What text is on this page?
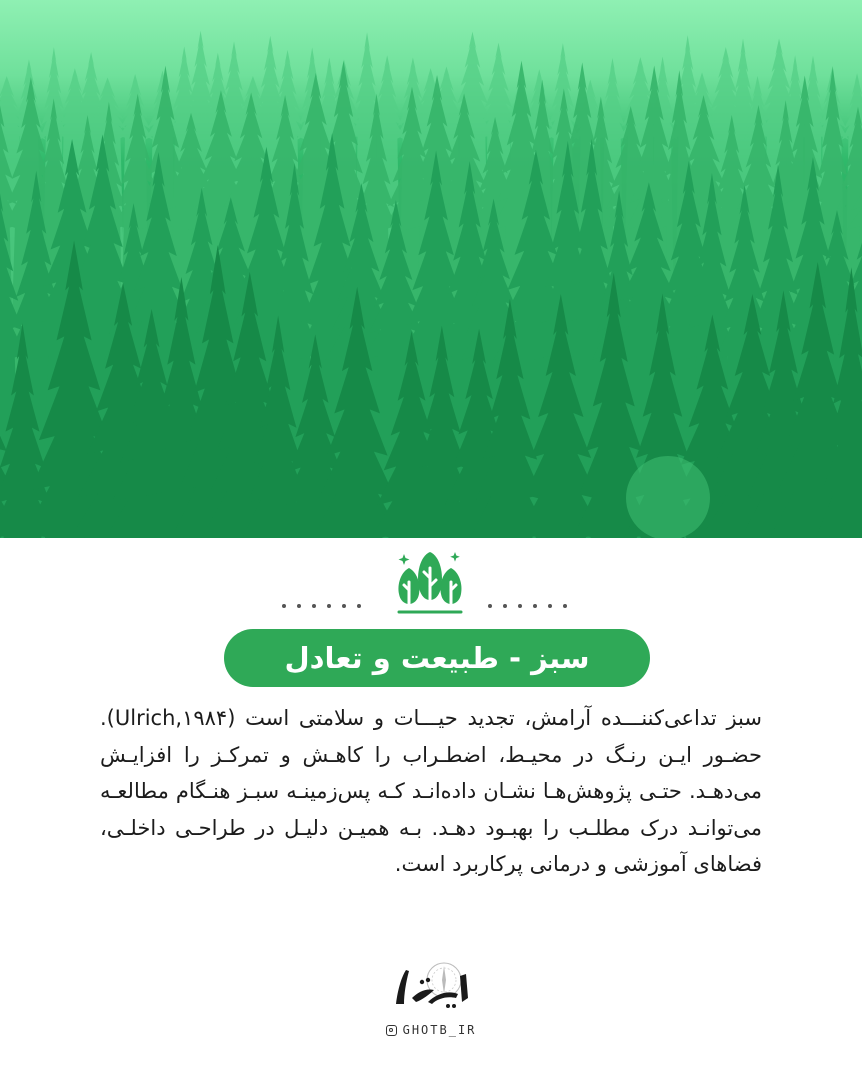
سبز - طبیعت و تعادل

سبز تداعی‌کننـــده آرامش، تجدید حیـــات و سلامتی است (Ulrich,۱۹۸۴). حضـور ایـن رنـگ در محیـط، اضطـراب را کاهـش و تمرکـز را افزایـش می‌دهـد. حتـی پژوهش‌هـا نشـان داده‌انـد کـه پس‌زمینـه سبـز هنـگام مطالعـه می‌توانـد درک مطلـب را بهبـود دهـد. بـه همیـن دلیـل در طراحـی داخلـی، فضاهای آموزشی و درمانی پرکاربرد است.

GHOTB_IR
